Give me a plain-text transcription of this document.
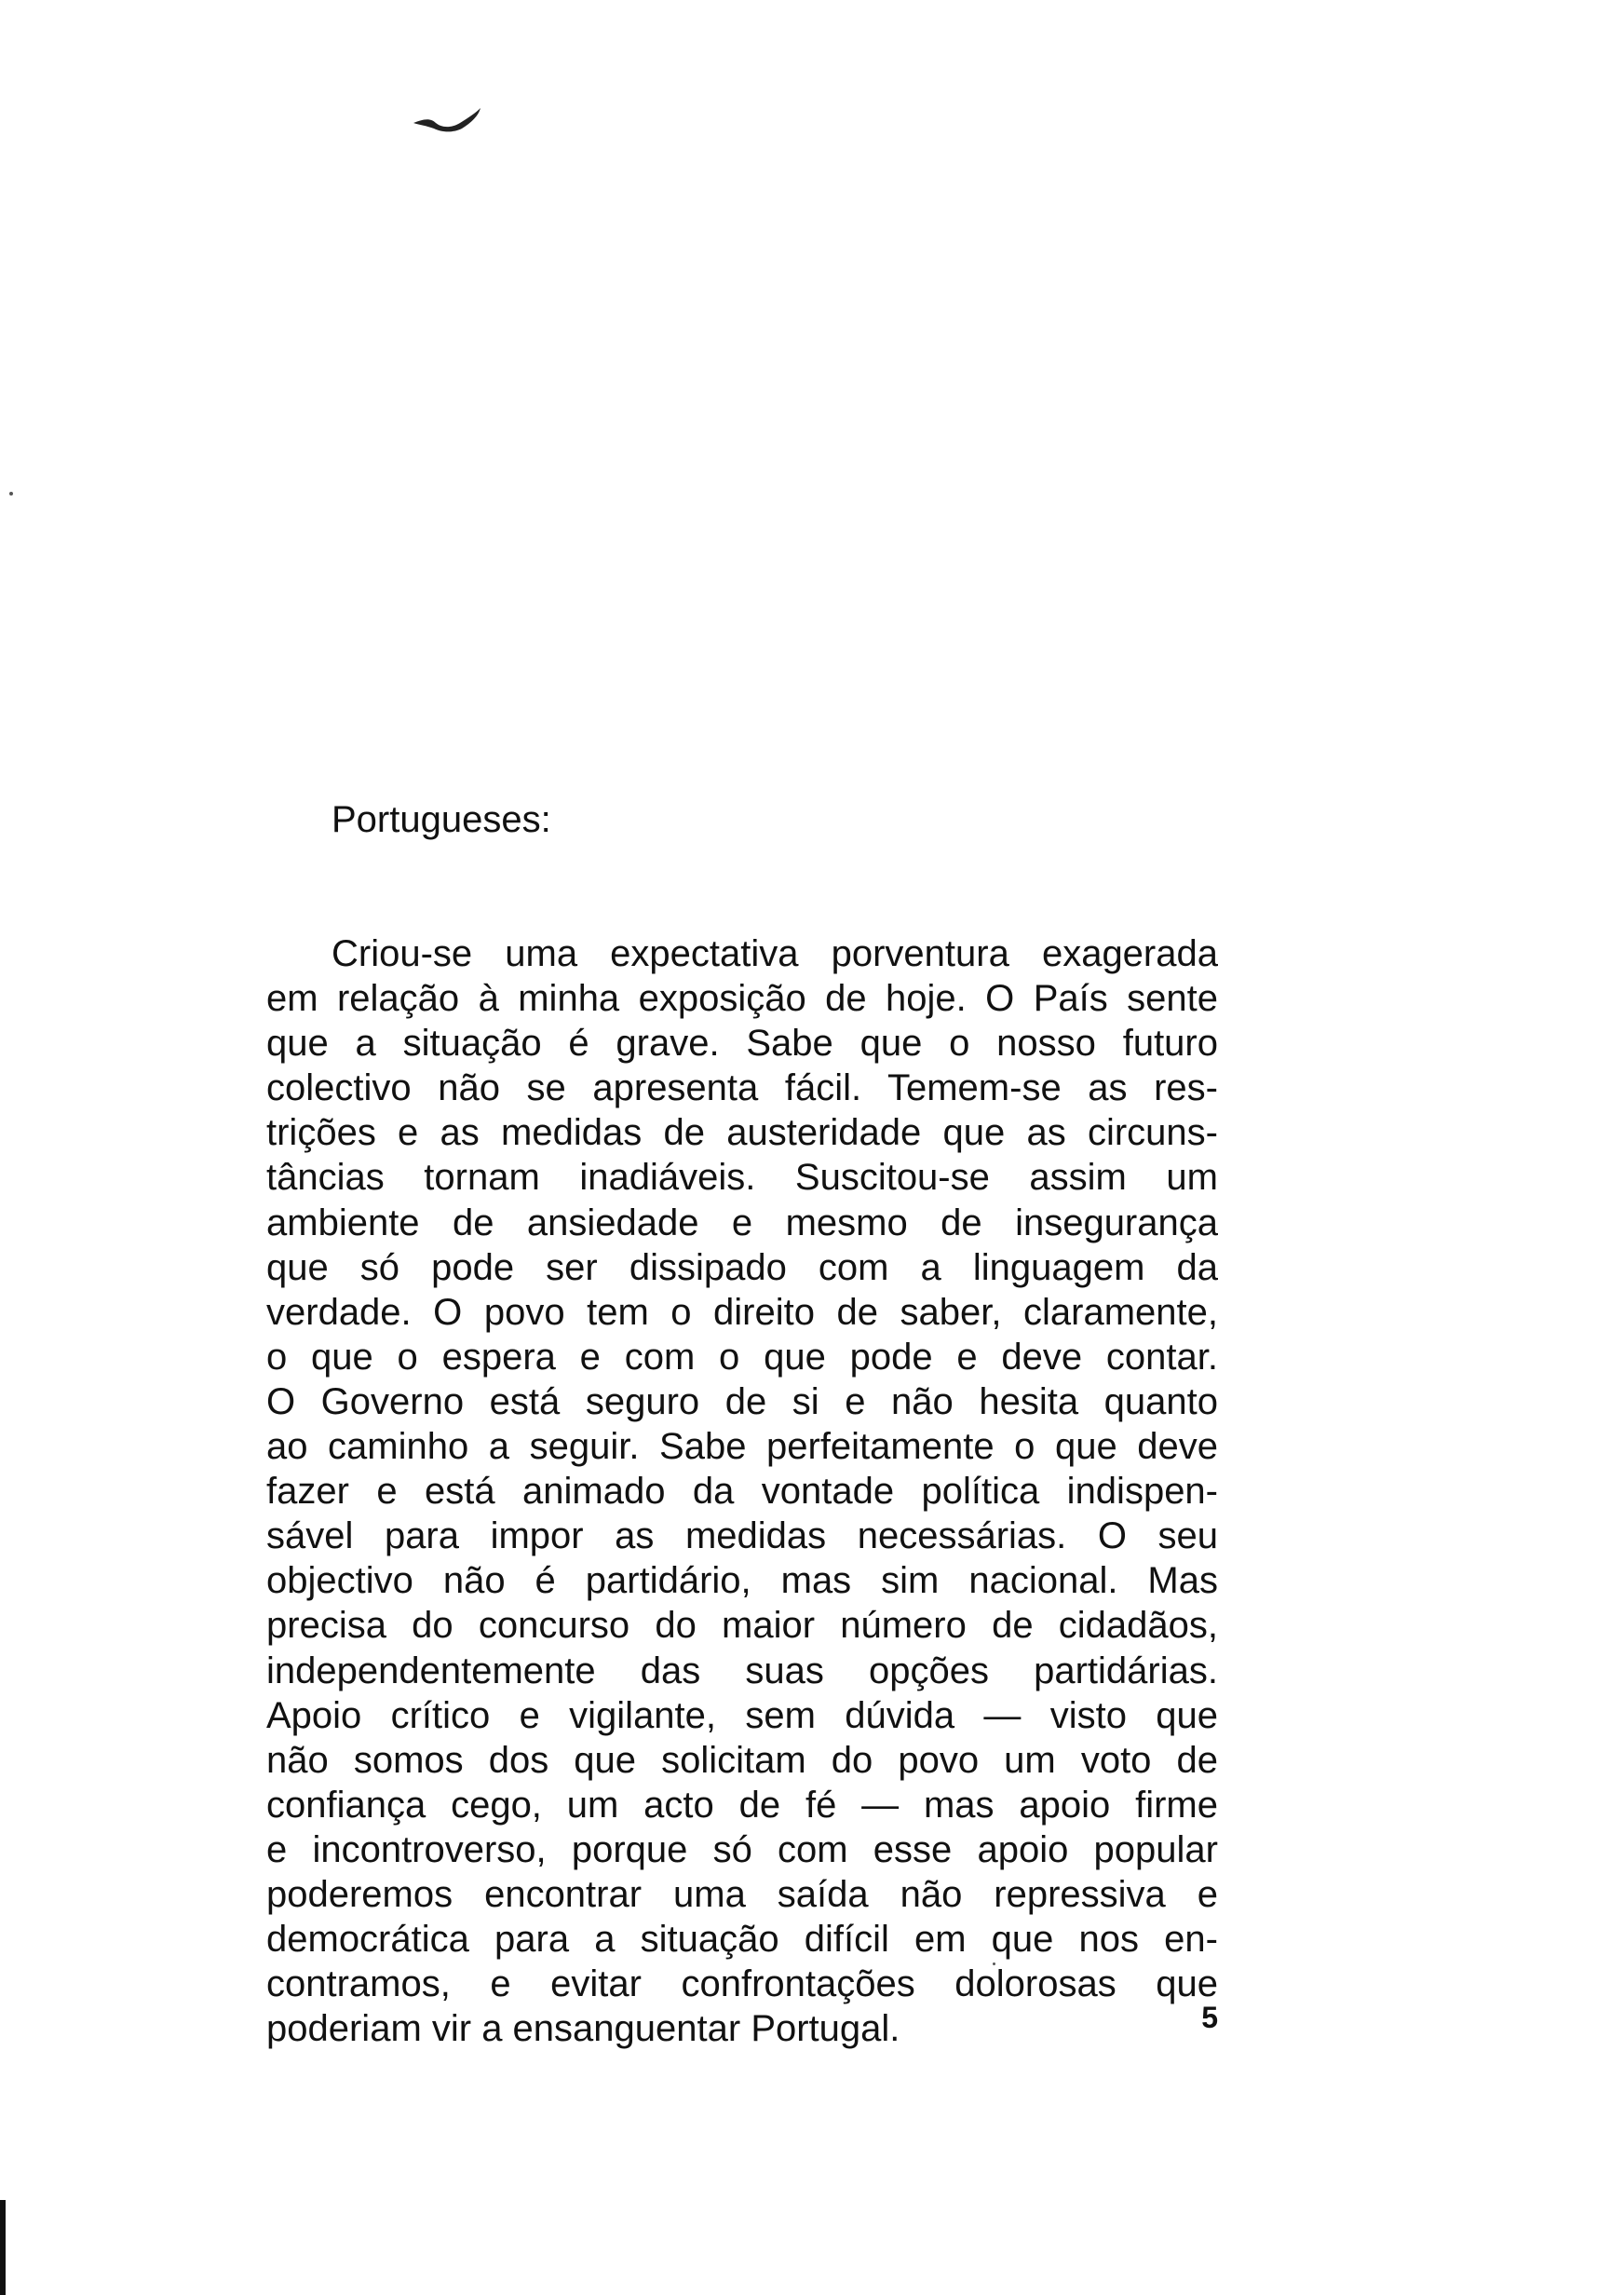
Portugueses:

Criou-se uma expectativa porventura exagerada
em relação à minha exposição de hoje. O País sente
que a situação é grave. Sabe que o nosso futuro
colectivo não se apresenta fácil. Temem-se as res-
trições e as medidas de austeridade que as circuns-
tâncias tornam inadiáveis. Suscitou-se assim um
ambiente de ansiedade e mesmo de insegurança
que só pode ser dissipado com a linguagem da
verdade. O povo tem o direito de saber, claramente,
o que o espera e com o que pode e deve contar.
O Governo está seguro de si e não hesita quanto
ao caminho a seguir. Sabe perfeitamente o que deve
fazer e está animado da vontade política indispen-
sável para impor as medidas necessárias. O seu
objectivo não é partidário, mas sim nacional. Mas
precisa do concurso do maior número de cidadãos,
independentemente das suas opções partidárias.
Apoio crítico e vigilante, sem dúvida — visto que
não somos dos que solicitam do povo um voto de
confiança cego, um acto de fé — mas apoio firme
e incontroverso, porque só com esse apoio popular
poderemos encontrar uma saída não repressiva e
democrática para a situação difícil em que nos en-
contramos, e evitar confrontações dolorosas que
poderiam vir a ensanguentar Portugal.	5
